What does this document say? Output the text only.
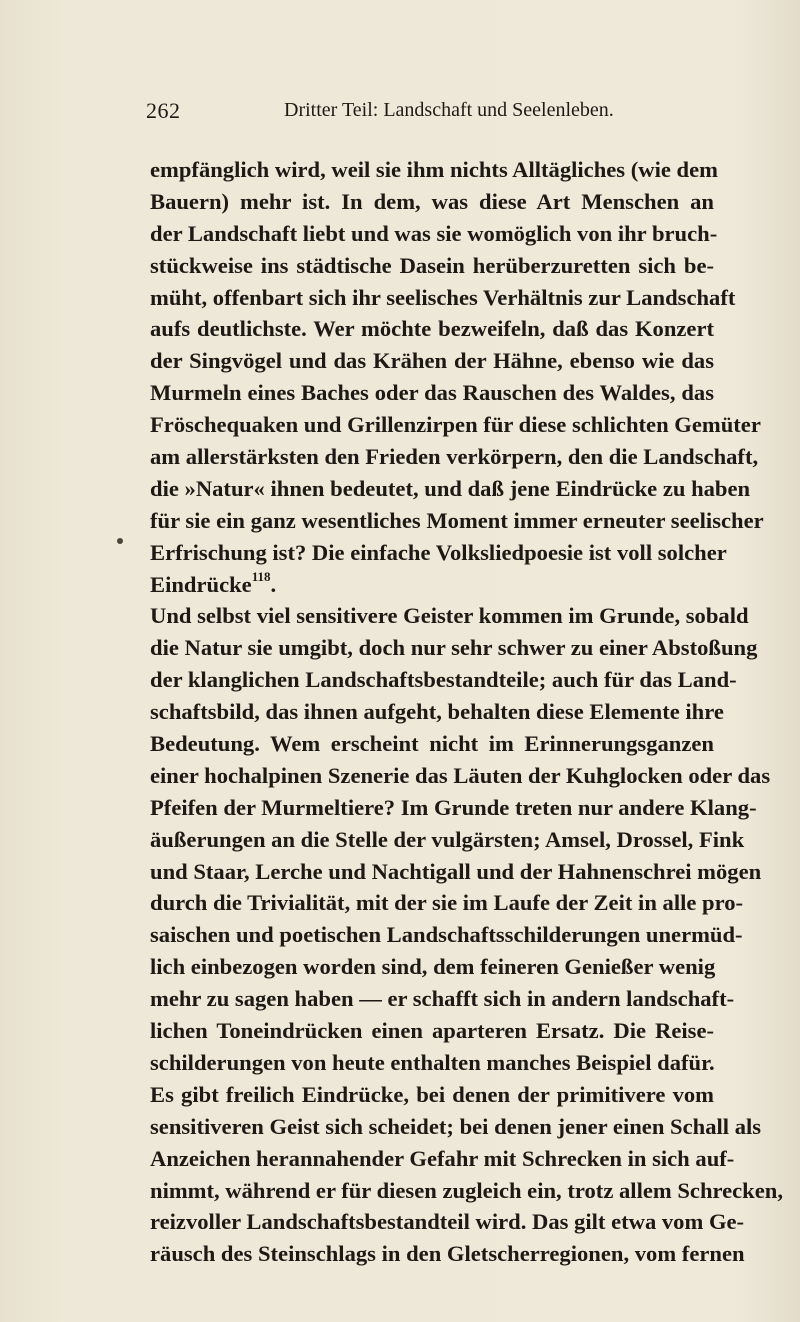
262	Dritter Teil: Landschaft und Seelenleben.
empfänglich wird, weil sie ihm nichts Alltägliches (wie dem
Bauern) mehr ist. In dem, was diese Art Menschen an
der Landschaft liebt und was sie womöglich von ihr bruch-
stückweise ins städtische Dasein herüberzuretten sich be-
müht, offenbart sich ihr seelisches Verhältnis zur Landschaft
aufs deutlichste. Wer möchte bezweifeln, daß das Konzert
der Singvögel und das Krähen der Hähne, ebenso wie das
Murmeln eines Baches oder das Rauschen des Waldes, das
Fröschequaken und Grillenzirpen für diese schlichten Gemüter
am allerstärksten den Frieden verkörpern, den die Landschaft,
die »Natur« ihnen bedeutet, und daß jene Eindrücke zu haben
für sie ein ganz wesentliches Moment immer erneuter seelischer
Erfrischung ist? Die einfache Volksliedpoesie ist voll solcher
Eindrücke$^{118}$.
Und selbst viel sensitivere Geister kommen im Grunde, sobald
die Natur sie umgibt, doch nur sehr schwer zu einer Abstoßung
der klanglichen Landschaftsbestandteile; auch für das Land-
schaftsbild, das ihnen aufgeht, behalten diese Elemente ihre
Bedeutung. Wem erscheint nicht im Erinnerungsganzen
einer hochalpinen Szenerie das Läuten der Kuhglocken oder das
Pfeifen der Murmeltiere? Im Grunde treten nur andere Klang-
äußerungen an die Stelle der vulgärsten; Amsel, Drossel, Fink
und Staar, Lerche und Nachtigall und der Hahnenschrei mögen
durch die Trivialität, mit der sie im Laufe der Zeit in alle pro-
saischen und poetischen Landschaftsschilderungen unermüd-
lich einbezogen worden sind, dem feineren Genießer wenig
mehr zu sagen haben — er schafft sich in andern landschaft-
lichen Toneindrücken einen aparteren Ersatz. Die Reise-
schilderungen von heute enthalten manches Beispiel dafür.
Es gibt freilich Eindrücke, bei denen der primitivere vom
sensitiveren Geist sich scheidet; bei denen jener einen Schall als
Anzeichen herannahender Gefahr mit Schrecken in sich auf-
nimmt, während er für diesen zugleich ein, trotz allem Schrecken,
reizvoller Landschaftsbestandteil wird. Das gilt etwa vom Ge-
räusch des Steinschlags in den Gletscherregionen, vom fernen
